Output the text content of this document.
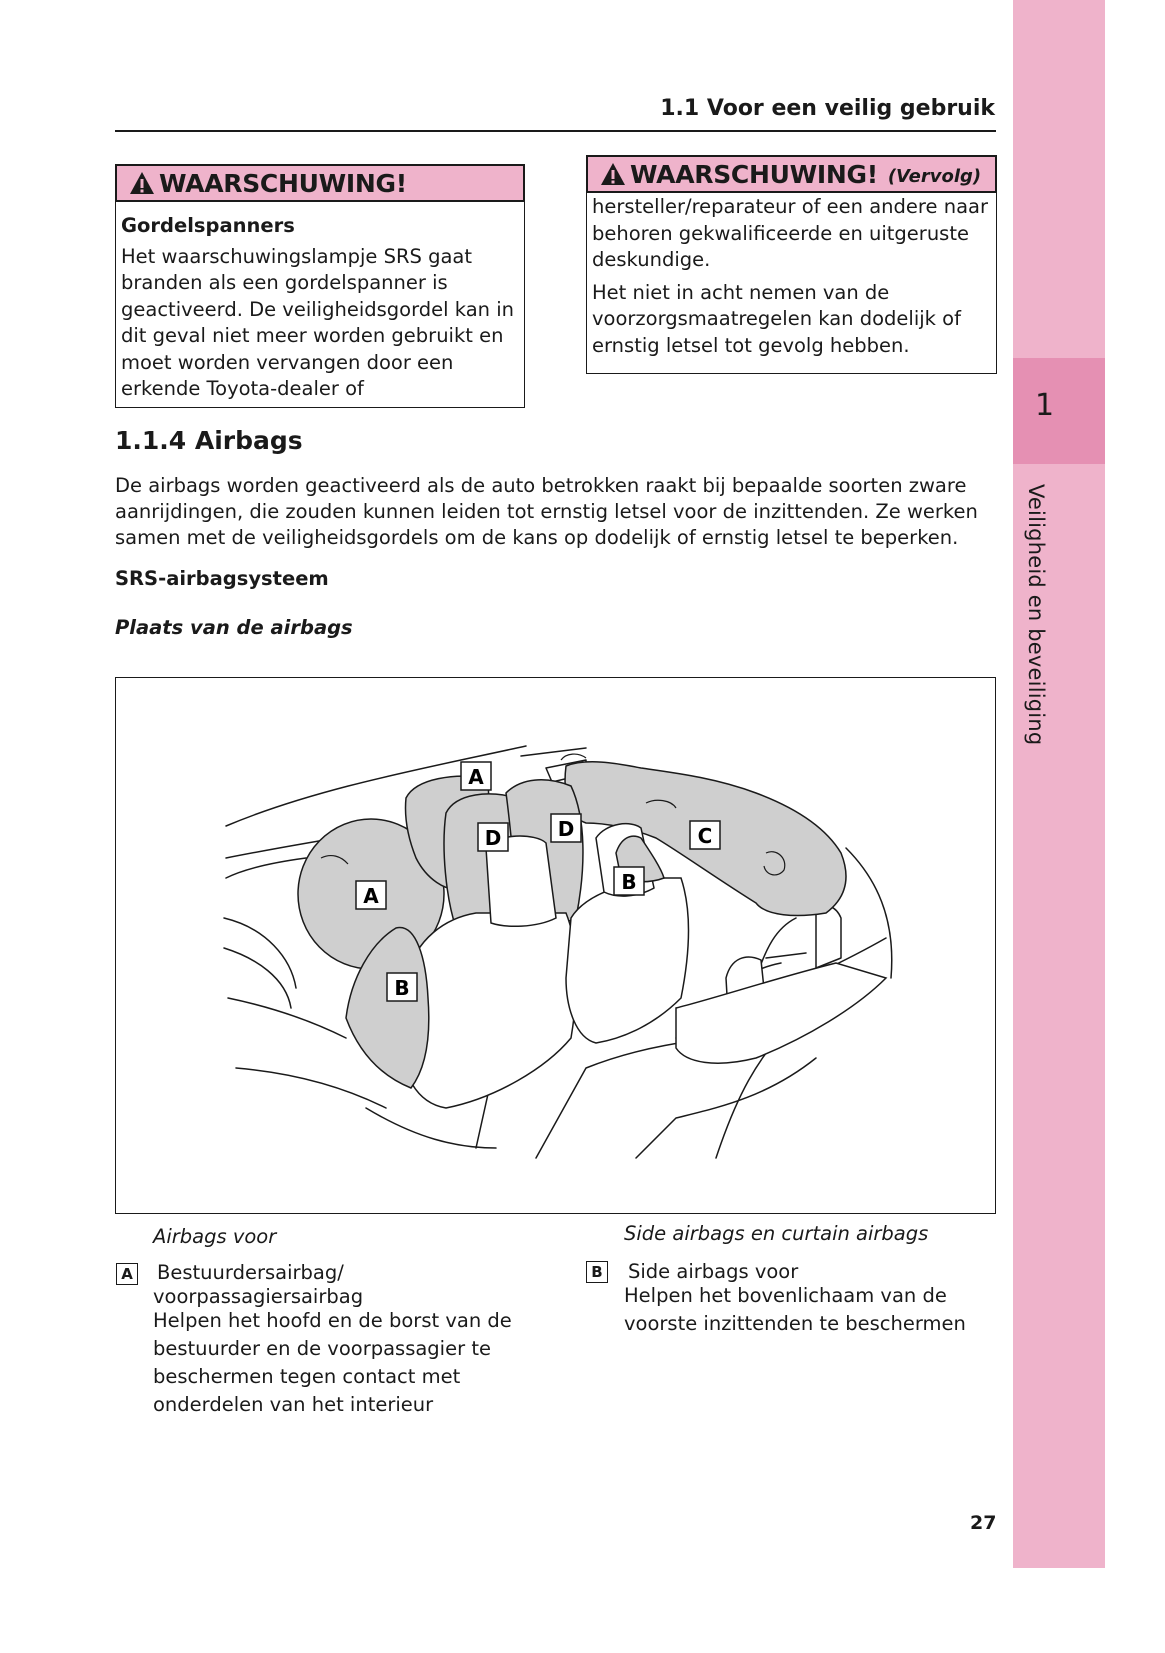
1
Veiligheid en beveiliging
1.1 Voor een veilig gebruik
WAARSCHUWING!

Gordelspanners

Het waarschuwingslampje SRS gaat branden als een gordelspanner is geactiveerd. De veiligheidsgordel kan in dit geval niet meer worden gebruikt en moet worden vervangen door een erkende Toyota-dealer of

WAARSCHUWING! (Vervolg)

hersteller/reparateur of een andere naar behoren gekwalificeerde en uitgeruste deskundige.

Het niet in acht nemen van de voorzorgsmaatregelen kan dodelijk of ernstig letsel tot gevolg hebben.

1.1.4 Airbags
De airbags worden geactiveerd als de auto betrokken raakt bij bepaalde soorten zware aanrijdingen, die zouden kunnen leiden tot ernstig letsel voor de inzittenden. Ze werken samen met de veiligheidsgordels om de kans op dodelijk of ernstig letsel te beperken.
SRS-airbagsysteem
Plaats van de airbags
A
A
D	D	C
B
B
Airbags voor
A Bestuurdersairbag/
voorpassagiersairbag
Helpen het hoofd en de borst van de bestuurder en de voorpassagier te beschermen tegen contact met onderdelen van het interieur
Side airbags en curtain airbags
B Side airbags voor
Helpen het bovenlichaam van de voorste inzittenden te beschermen
27
